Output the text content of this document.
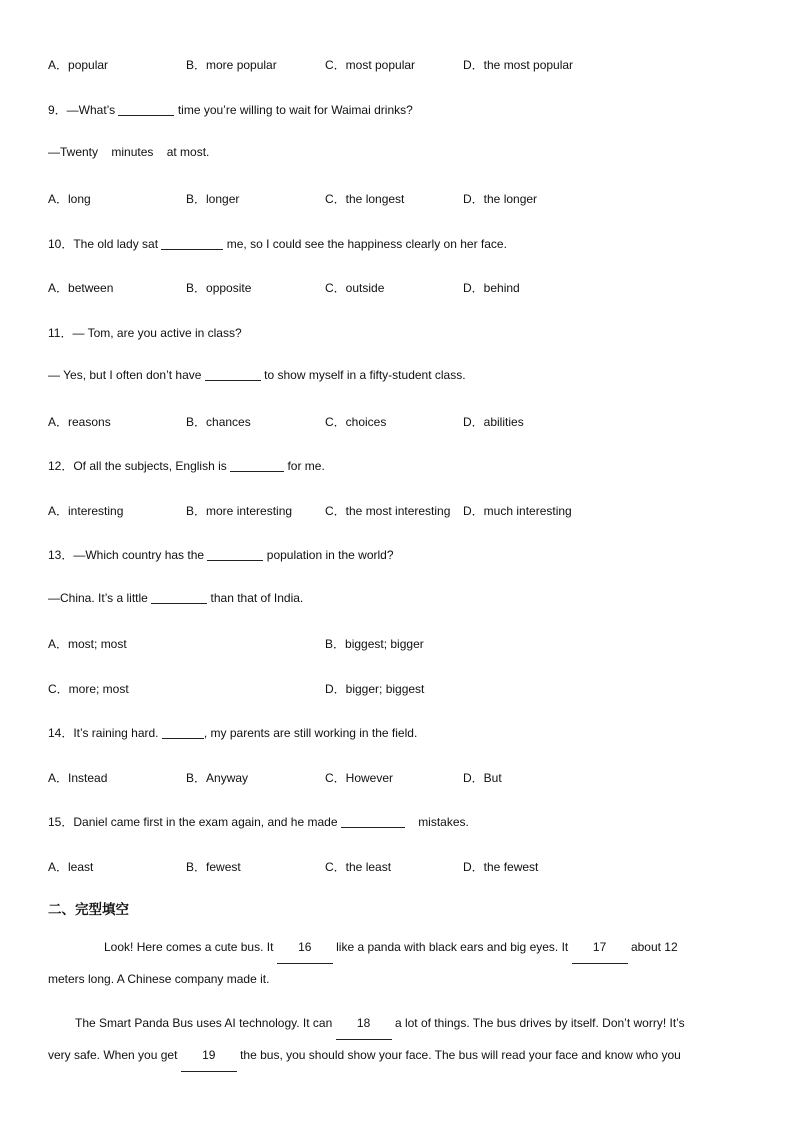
A．popular	B．more popular	C．most popular	D．the most popular
9．—What’s	time you’re willing to wait for Waimai drinks?
—Twenty    minutes    at most.
A．long	B．longer	C．the longest	D．the longer
10．The old lady sat	me, so I could see the happiness clearly on her face.
A．between	B．opposite	C．outside	D．behind
11．— Tom, are you active in class?
— Yes, but I often don’t have	to show myself in a fifty-student class.
A．reasons	B．chances	C．choices	D．abilities
12．Of all the subjects, English is	for me.
A．interesting	B．more interesting	C．the most interesting D．much interesting
13．—Which country has the	population in the world?
—China. It’s a little	than that of India.
A．most; most	B．biggest; bigger
C．more; most	D．bigger; biggest
14．It’s raining hard.	, my parents are still working in the field.
A．Instead	B．Anyway	C．However	D．But
15．Daniel came first in the exam again, and he made	mistakes.
A．least	B．fewest	C．the least	D．the fewest
二、完型填空
Look! Here comes a cute bus. It 16 like a panda with black ears and big eyes. It 17 about 12
meters long. A Chinese company made it.
The Smart Panda Bus uses AI technology. It can 18 a lot of things. The bus drives by itself. Don’t worry! It’s
very safe. When you get 19 the bus, you should show your face. The bus will read your face and know who you
